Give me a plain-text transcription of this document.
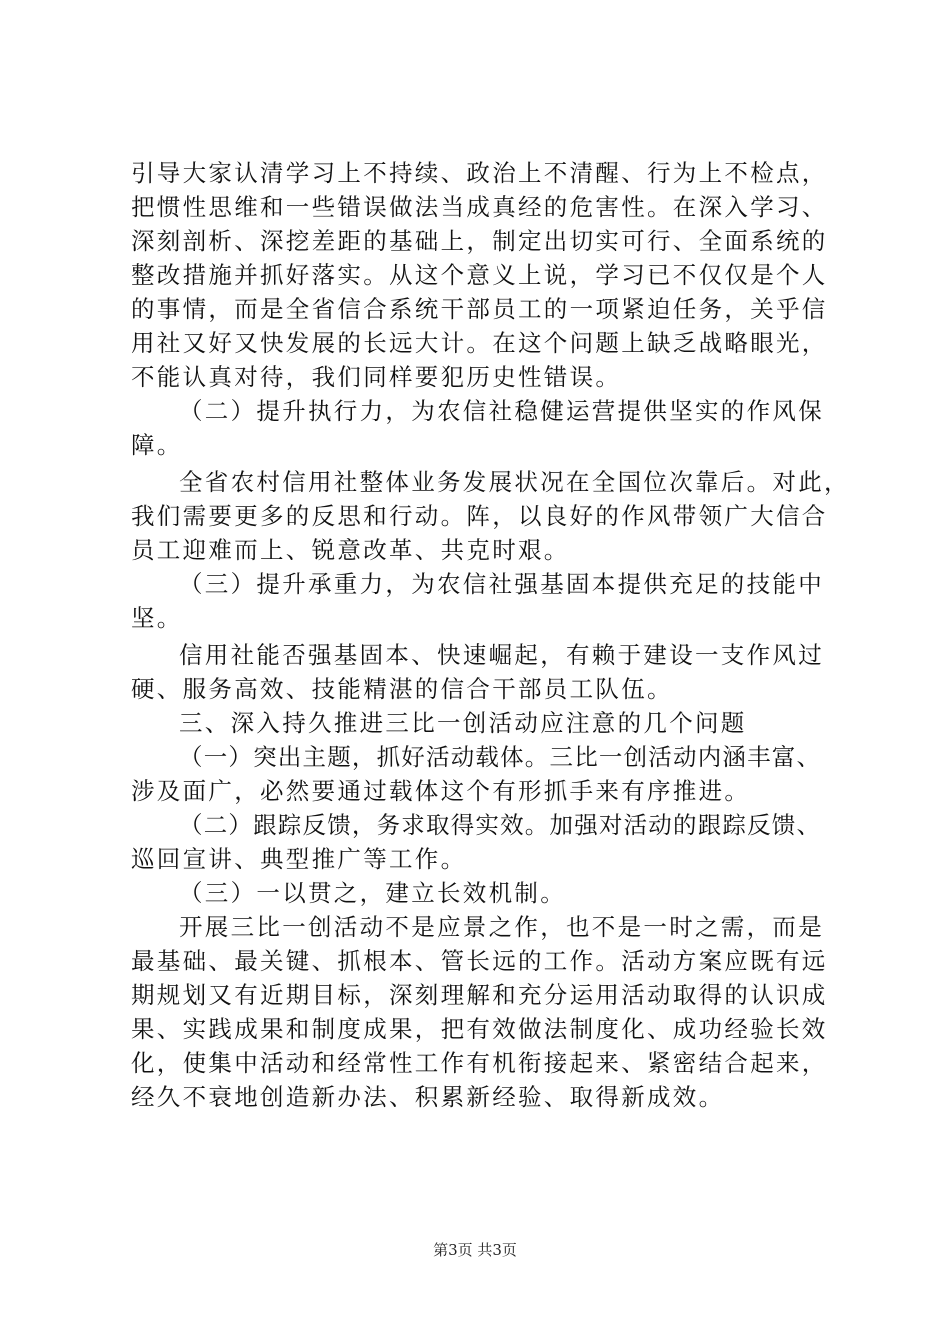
引导大家认清学习上不持续、政治上不清醒、行为上不检点，
把惯性思维和一些错误做法当成真经的危害性。在深入学习、
深刻剖析、深挖差距的基础上，制定出切实可行、全面系统的
整改措施并抓好落实。从这个意义上说，学习已不仅仅是个人
的事情，而是全省信合系统干部员工的一项紧迫任务，关乎信
用社又好又快发展的长远大计。在这个问题上缺乏战略眼光，
不能认真对待，我们同样要犯历史性错误。
（二）提升执行力，为农信社稳健运营提供坚实的作风保
障。
全省农村信用社整体业务发展状况在全国位次靠后。对此，
我们需要更多的反思和行动。阵，以良好的作风带领广大信合
员工迎难而上、锐意改革、共克时艰。
（三）提升承重力，为农信社强基固本提供充足的技能中
坚。
信用社能否强基固本、快速崛起，有赖于建设一支作风过
硬、服务高效、技能精湛的信合干部员工队伍。
三、深入持久推进三比一创活动应注意的几个问题
（一）突出主题，抓好活动载体。三比一创活动内涵丰富、
涉及面广，必然要通过载体这个有形抓手来有序推进。
（二）跟踪反馈，务求取得实效。加强对活动的跟踪反馈、
巡回宣讲、典型推广等工作。
（三）一以贯之，建立长效机制。
开展三比一创活动不是应景之作，也不是一时之需，而是
最基础、最关键、抓根本、管长远的工作。活动方案应既有远
期规划又有近期目标，深刻理解和充分运用活动取得的认识成
果、实践成果和制度成果，把有效做法制度化、成功经验长效
化，使集中活动和经常性工作有机衔接起来、紧密结合起来，
经久不衰地创造新办法、积累新经验、取得新成效。
第3页 共3页
